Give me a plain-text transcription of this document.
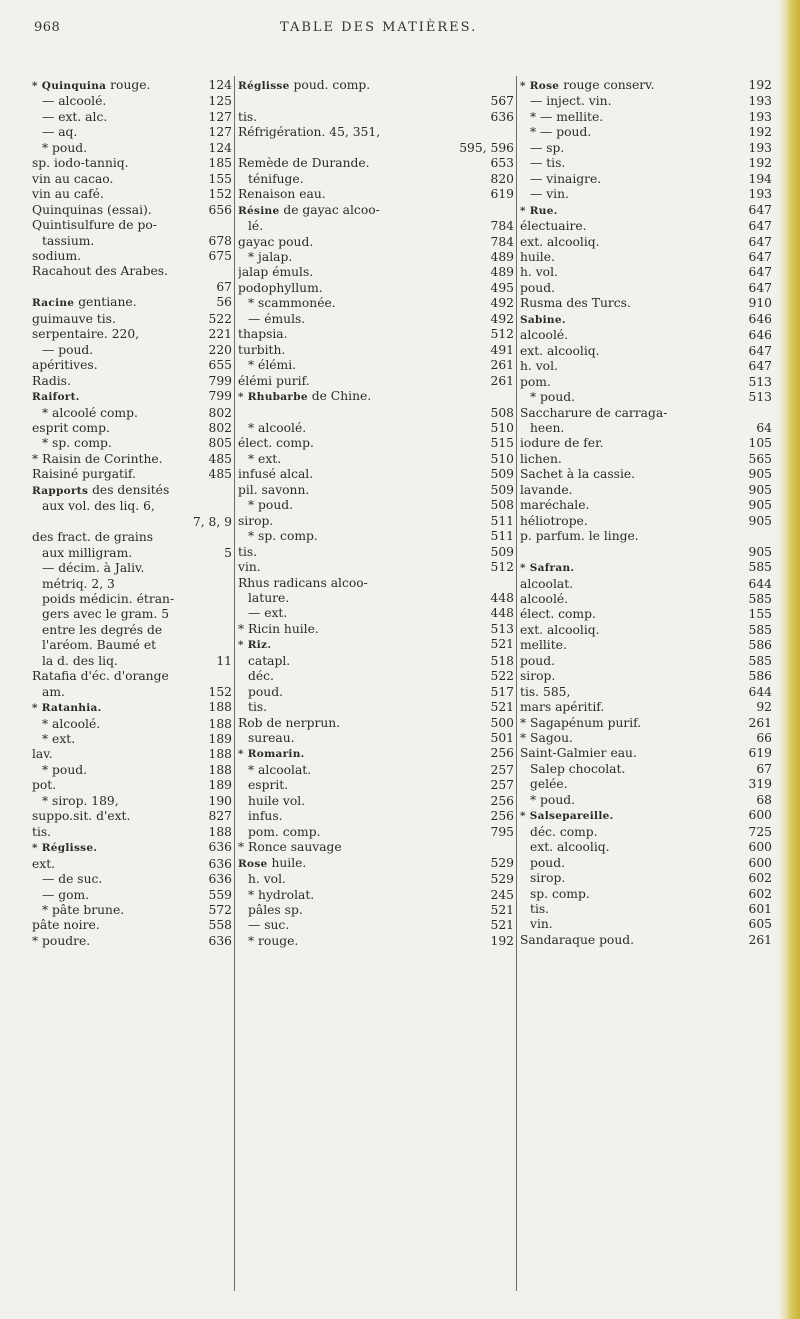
968	TABLE DES MATIÈRES.
* Quinquina rouge.	124
— alcoolé.	125
— ext. alc.	127
— aq.	127
* poud.	124
sp. iodo-tanniq.	185
vin au cacao.	155
vin au café.	152
Quinquinas (essai).	656
Quintisulfure de po-
tassium.	678
sodium.	675
Racahout des Arabes.
67
Racine gentiane.	56
guimauve tis.	522
serpentaire. 220,	221
— poud.	220
apéritives.	655
Radis.	799
Raifort.	799
* alcoolé comp.	802
esprit comp.	802
* sp. comp.	805
* Raisin de Corinthe.	485
Raisiné purgatif.	485
Rapports des densités
aux vol. des liq. 6,
7, 8, 9
des fract. de grains
aux milligram.	5
— décim. à Jaliv.
métriq. 2, 3
poids médicin. étran-
gers avec le gram. 5
entre les degrés de
l'aréom. Baumé et
la d. des liq.	11
Ratafia d'éc. d'orange
am.	152
* Ratanhia.	188
* alcoolé.	188
* ext.	189
lav.	188
* poud.	188
pot.	189
* sirop. 189,	190
suppo.sit. d'ext.	827
tis.	188
* Réglisse.	636
ext.	636
— de suc.	636
— gom.	559
* pâte brune.	572
pâte noire.	558
* poudre.	636
Réglisse poud. comp.
567
tis.	636
Réfrigération. 45, 351,
595, 596
Remède de Durande.	653
ténifuge.	820
Renaison eau.	619
Résine de gayac alcoo-
lé.	784
gayac poud.	784
* jalap.	489
jalap émuls.	489
podophyllum.	495
* scammonée.	492
— émuls.	492
thapsia.	512
turbith.	491
* élémi.	261
élémi purif.	261
* Rhubarbe de Chine.
508
* alcoolé.	510
élect. comp.	515
* ext.	510
infusé alcal.	509
pil. savonn.	509
* poud.	508
sirop.	511
* sp. comp.	511
tis.	509
vin.	512
Rhus radicans alcoo-
lature.	448
— ext.	448
* Ricin huile.	513
* Riz.	521
catapl.	518
déc.	522
poud.	517
tis.	521
Rob de nerprun.	500
sureau.	501
* Romarin.	256
* alcoolat.	257
esprit.	257
huile vol.	256
infus.	256
pom. comp.	795
* Ronce sauvage
Rose huile.	529
h. vol.	529
* hydrolat.	245
pâles sp.	521
— suc.	521
* rouge.	192
* Rose rouge conserv.	192
— inject. vin.	193
* — mellite.	193
* — poud.	192
— sp.	193
— tis.	192
— vinaigre.	194
— vin.	193
* Rue.	647
électuaire.	647
ext. alcooliq.	647
huile.	647
h. vol.	647
poud.	647
Rusma des Turcs.	910
Sabine.	646
alcoolé.	646
ext. alcooliq.	647
h. vol.	647
pom.	513
* poud.	513
Saccharure de carraga-
heen.	64
iodure de fer.	105
lichen.	565
Sachet à la cassie.	905
lavande.	905
maréchale.	905
héliotrope.	905
p. parfum. le linge.
905
* Safran.	585
alcoolat.	644
alcoolé.	585
élect. comp.	155
ext. alcooliq.	585
mellite.	586
poud.	585
sirop.	586
tis. 585,	644
mars apéritif.	92
* Sagapénum purif.	261
* Sagou.	66
Saint-Galmier eau.	619
Salep chocolat.	67
gelée.	319
* poud.	68
* Salsepareille.	600
déc. comp.	725
ext. alcooliq.	600
poud.	600
sirop.	602
sp. comp.	602
tis.	601
vin.	605
Sandaraque poud.	261
